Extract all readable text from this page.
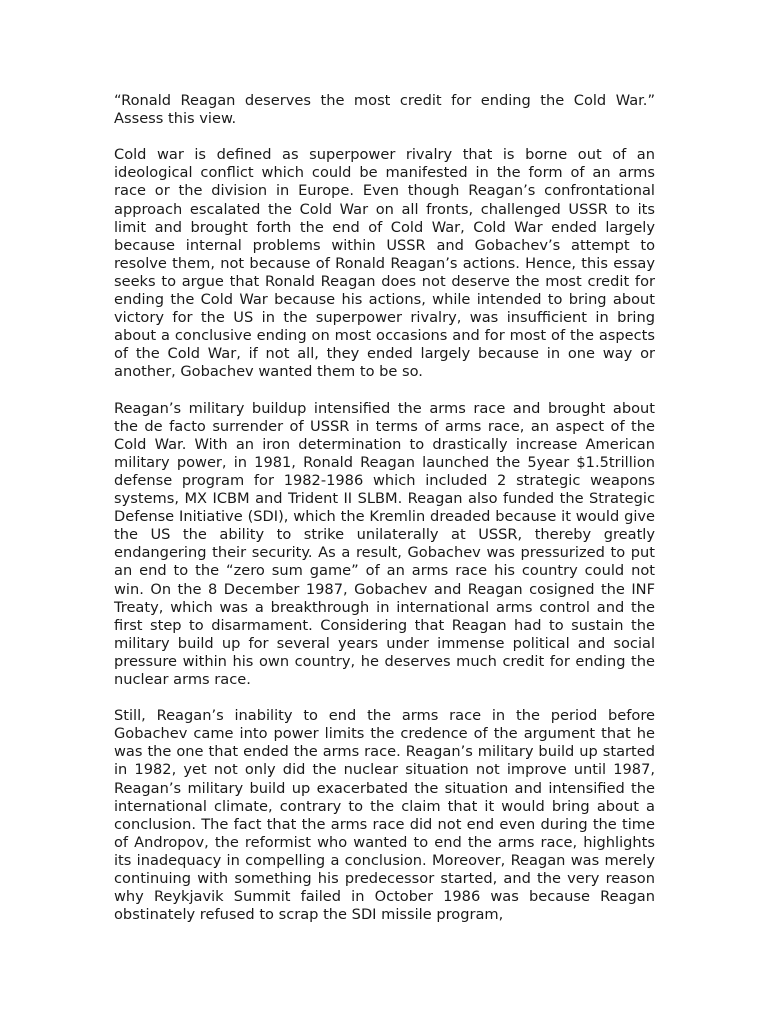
“Ronald Reagan deserves the most credit for ending the Cold War.” Assess this view.

Cold war is defined as superpower rivalry that is borne out of an ideological conflict which could be manifested in the form of an arms race or the division in Europe. Even though Reagan’s confrontational approach escalated the Cold War on all fronts, challenged USSR to its limit and brought forth the end of Cold War, Cold War ended largely because internal problems within USSR and Gobachev’s attempt to resolve them, not because of Ronald Reagan’s actions. Hence, this essay seeks to argue that Ronald Reagan does not deserve the most credit for ending the Cold War because his actions, while intended to bring about victory for the US in the superpower rivalry, was insufficient in bring about a conclusive ending on most occasions and for most of the aspects of the Cold War, if not all, they ended largely because in one way or another, Gobachev wanted them to be so.

Reagan’s military buildup intensified the arms race and brought about the de facto surrender of USSR in terms of arms race, an aspect of the Cold War. With an iron determination to drastically increase American military power, in 1981, Ronald Reagan launched the 5year $1.5trillion defense program for 1982-1986 which included 2 strategic weapons systems, MX ICBM and Trident II SLBM. Reagan also funded the Strategic Defense Initiative (SDI), which the Kremlin dreaded because it would give the US the ability to strike unilaterally at USSR, thereby greatly endangering their security. As a result, Gobachev was pressurized to put an end to the “zero sum game” of an arms race his country could not win. On the 8 December 1987, Gobachev and Reagan cosigned the INF Treaty, which was a breakthrough in international arms control and the first step to disarmament. Considering that Reagan had to sustain the military build up for several years under immense political and social pressure within his own country, he deserves much credit for ending the nuclear arms race.

Still, Reagan’s inability to end the arms race in the period before Gobachev came into power limits the credence of the argument that he was the one that ended the arms race. Reagan’s military build up started in 1982, yet not only did the nuclear situation not improve until 1987, Reagan’s military build up exacerbated the situation and intensified the international climate, contrary to the claim that it would bring about a conclusion. The fact that the arms race did not end even during the time of Andropov, the reformist who wanted to end the arms race, highlights its inadequacy in compelling a conclusion. Moreover, Reagan was merely continuing with something his predecessor started, and the very reason why Reykjavik Summit failed in October 1986 was because Reagan obstinately refused to scrap the SDI missile program,
